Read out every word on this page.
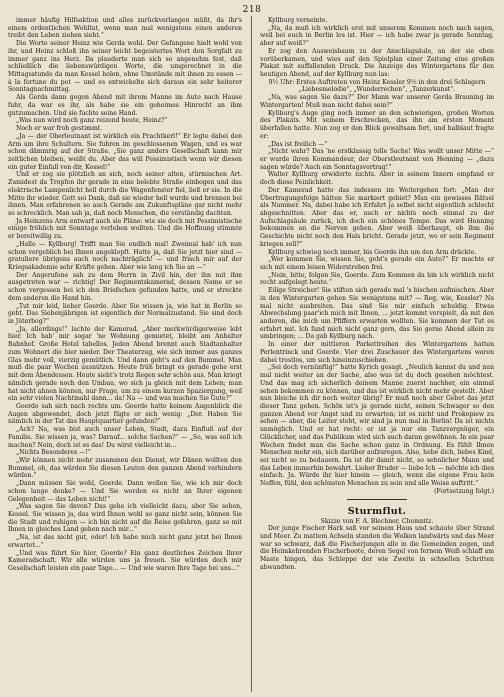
218

immer häufig Hilfsaktion und alles zurückverlangen müßt, da ihr's einem ordentlichen Wohltat, wenn man mal wenigstens einen anderen treibt den Leben ziehen sieht.“

Die Worte seiner Heinz wie Gerda wohl. Der Gefangene hielt wohl von ihr, und Heinz schloß ihn seiner leicht begeistertes Wort den Sorgfalt zu immer ganz ins Herz. Da plauderte man sich so angenehm fest, daß schließlich die liebenswürdigen Worte, die umgerechnet in die Mittagsstunde da man Kessel holen, ohne Umstände mit ihnen zu essen — à la fortune du pot — und es entwickelte sich daraus ein sehr heiterer Sonntagnachmittag.

Als Gerda dann gegen Abend mit ihrem Manne im Auto nach Hause fuhr, da war es ihr, als habe sie ein geheimes Hinrecht an ihm gutzumachen. Und sie fuchte seine Hand.

„Was nun wird noch ganz reizend heute, Heinz?“

Noch er war froh gestimmt.

„Ja — der Oberleutnant ist wirklich ein Prachtkerl!“ Er legte dabei den Arm um ihre Schultern. Sie fuhren im geschlossenen Wagen, und es war schon dämmrig auf der Straße. „Sie ganz anders Gesellschaft kann mir zeitlichen bleiben, weißt du. Aber das will Pessimistisch wenn wir diesen ein guter Einfall von dir, Kessel!“

Und er zog sie plötzlich an sich, noch seiner alten, stürmischen Art. Zumidest da Tropfen ihr gerade in eine belebte Straße einbogen und das elektrische Lampenlicht hell durch die Wagenfenster fiel, ließ er sie. In die Mitte ihr wieder. Gott sei Dank, daß sie wieder hell wurde und brennen bei ihnen. Man erfahrenen so auch Gerade am Zukunftspläne gar nicht mehr so schrecklich. Man sah ja, daß noch Menschen, die verständig dachten.

Ja Heinzens Arm entwarf auch sie Pläne: wie sie doch mit Pessimistische einige fröhlich mit Sonntage verleben wollten. Und die Hoffnung stimmte er bereitwillig zu.

„Hallo — Kyllburg! Trifft man Sie endlich mal! Zweimal hab' ich nun schon vergeblich bei Ihnen angeklopft. Hatte ja, daß Sie jetzt hier sind — gratuliere übrigens auch noch nachträglich! — und frisch mir auf der Kriegsakademie sehr Kräfte gehen. Aber wie lang ich Sie an —“

Der Angerufene sah zu dem Herrn in Zivil hin, der ihn mit ihm ausgetreten war — richtig! Der Regimentskamerad, dessen Name er so schon vergessen bei ich den Briefschen gefunden hatte, und er streckte dem anderen die Hand hin.

„Tut mir leid, lieber Goerde. Aber Sie wissen ja, wie hat in Berlin so geht. Das Siebenjährigen ist eigentlich der Normalzustand. Sie sind doch in Jüterbog?“

„Ja, allerdings!“ lachte der Kamerad. „Aber merkwürdigerweise lebt hier. Ich hab' mir sogar 'ne Wohnung gemietet, bleibt am Anhalter Bahnhof. Große Hotel tabellos. Jeden Abend brennt auch Stadtanhalter zum Wohnort die hier nieder. Der Theaterzug, wie sich immer aus ganzes Glas mehr voll, vierzig gemütlich. Und dann geht's auf den Bummel. Man muß die paar Wochen ausnützen. Heute früh bringt es gerade gehe erst mit dem Abendessen. Heute sieht's trotz Regen sehr schön aus. Man kriegt nämlich gerade noch den Umbau, wo sich ja gleich mit dem Leben; man hat nicht ahnen können, nur Frage, um zu einem kurzen Spaziergang, weil ein sehr vielen Nachtmahl dann... da! Na — und was machen Sie Gute?“

Goerde sah sich nach rechts um. Goerde hatte keinem Augenblick die Augen abgewendet, doch jetzt fügte er sich wenig: „Der. Haben Sie nämlich in der Tat das Hauptquartier gefunden?“

„Ach? Na, was bist auch unser Leben, Stadt, dazu Einfluß auf der Familie. Sie wissen ja, was? Darauf... solche Sachen?“ — „So, was soll ich machen? Nein, doch ist es das! Du wirst vielleicht in...

„Nichts Besonderes —!“

„Wir können nicht mehr zusammen den Dienst, wir Dänen wollten den Bummel, oh, das würden Sie diesen Leuten den ganzen Abend verhindern würden.“

„Dann müssen Sie wohl, Goerde. Dann wollen Sie, wie ich mir doch schon lange denke? — Und Sie werden es nicht an Ihrer eigenen Gelegenheit — das Leben nicht!“

„Was sagen Sie davon? Das gehe ich vielleicht dazu, aber Sie sehen, Kessel. Sie wissen ja, das wird Ihnen wohl so ganz nicht sein, können Sie die Stadt und ruhigen — ich bin nicht auf die Reise gefahren, ganz so mit Ihnen in gleiches Land gehen nach mir...“

„Na, ist das nicht gut, oder! Ich habe mich nicht ganz jetzt bei Ihnen erwartet...“

„Und was führt Sie hier, Goerde? Ein ganz deutliches Zeichen Ihrer Kameradschaft. Wir alle würden uns ja freuen. Sie würden doch mir Gesellschaft leisten ein paar Tage... — Und wie waren Ihre Tage bei uns...“

Kyllburg verneinte.

„Na, da muß ich wirklich erst mit unserem Kommen noch nach sagen, weil bei euch in Berlin los ist. Hier — ich habe zwar ja gerade Sonntag, aber auf weiß?“

Er zog den Ausweisbaum zu der Anschlagsäule, an der sie eben vorüberkamen, und wies auf den Spielplan einer Zeitung eine großen Plakat mit auffallenden Druck. Die Anzeige des Wintergartens für den heutigen Abend, auf der Kyllburg nun las:

9½ Uhr: Erstes Auftreten von Heinz Kessler 9½ in den drei Schlagern

„Liebesmelodie“, „Wunderrechen“, „Tanzerkunst“.

„Na, was sagen Sie dazu?“ Der Mann war unserer Gerda Brauning im Wintergarten! Muß man nicht dabei sein?“

Kyllburg's Auge ging noch immer an den schwierigen, großen Worten des Plakats. Mit seinem Erschrecken, das ihn am ersten Moment überfallen hatte. Nun zog er den Blick gewaltsam fort, und halblaut fragte er:

„Das ist freilich —“

„Nicht wahr? Das 'ne erstklassig tolle Sache! Was wollt unser Mitte —“ er wurde ihren Kommandeur, der Oberstleutnant von Henning — „dazu sagen würde? Auch ein Sonntagsvortrag!“

Walter Kyllburg erwiderte nichts. Aber in seinem Innern empfand er doch diese Peinlichkeit.

Der Kamerad hatte das indessen im Weitergehen fort: „Man der Übertragungsfolge hätten Sie markiert gebiet? Man ein gewisses Rätsel als Nummer. Na, dabei habe ich Erfahrt ja selbst nicht eigentlich schlecht abgeschnitten. Aber das er, auch er nichts noch einmal zu der Aufschlagsäule zurück, ich doch ein schönes Tempo. Das wird Henning bekommen an die Nerven gehen. Aber weiß überhaupt, ob ihm die Geschichte nicht noch den Hals bricht. Gerade jetzt, wo er sein Regiment kriegen soll?“

Kyllburg schwieg noch immer, bis Goerde ihn um den Arm drückte.

„Wer kommen Sie, wissen Sie, geht's gerade ein Auto?“ Er machte er sich mit einem leisen Widerstreben frei.

„Nein, bitte, folgen Sie, Goerde. Zum Kommen da bin ich wirklich nicht recht aufgelegt heute.“

Eilige Streicher! Sie stiften sich gerade mal 's bischen aufmischen. Aber in den Wintergarten gehen Sie wenigstens mit? — Reg, wie, Kessler? Na mal nicht ausbreiten. Das sind Sie mir einfach schuldig. Etwas Abwechslung paar'ich mich mit Ihnen, ... jetzt kommt verspielt, da mit den anderen, die mich um Pfiffern erwarten wollten. Sie kommen der Tut es erfahrt mit. Ich fand mich nicht ganz gern, das Sie gerne Abend allein zu umbringen; ... Da gab Kyllburg nach.

In einer der mittleren Parkettreihen des Wintergartens hatten Perlentrinck und Goerde. Vier drei Zuschauer des Wintergartens waren dabei trostlos, um sich hineinzuschieben.

„Sei doch vernünftig!“ hatte Kyrich gesagt. „Neulich kannst du und nun mal nicht weiter an der Sache, also was ist du doch gesehen möchtest. Und das mag ich sicherlich deinem Manne zuerst nachher, ein einmal sehen bekommen zu können, und das ist wirklich nicht mehr gestellt. Aber nun bleiche ich dir noch weiter übrig? Er muß noch aber Gebet das jetzt dieser Tanz gehen. Schön ist's ja gerade nicht, seinen Schwager so den ganzen Abend vor Angst und zu erwarten; ist es nicht und Prokopiew zu sehen — aber, die Leiter steht, wir sind ja nun mal in Berlin! Da ist nichts unmöglich. Und er hat recht: er ist ja nur ein Tanzvergnüger, ein Glücklicher, und das Publikum wird sich auch daran gewöhnen. In ein paar Wochen findet man die Sache schon ganz in Ordnung. Es fühlt Ihnen Menschen mehr ein, sich darüber aufzuregen. Also, hebe dich, liebes Kind, sei nicht so zu bedauern. Da ist dir damit nicht, so sehnlicher Mann und das Leben immerhin bewahrt. Lieber Bruder — liebe Ich — möchte ich dies einfach. Ja. Würde ihr hier hinein — gleich, wenn die eigene Frau kein Neffen, fühl, den schönsten Menschen zu sein und alle Weise auftritt.“

(Fortsetzung folgt.)

Sturmflut.
Skizze von F. A. Blechner, Chemnitz.

Der junge Fischer Hark saß vor seinem Haus und schaute über Strand und Meer. Zu mattem Achseln standen die Wolken landwärts und das Meer war so schwarz, daß die Fischerjungen alle in die Gemeinden zogen, und die Heimkehrenden Fischerboote, deren Segel von fernem Weiß schlaff am Maste hingen, das Schleppe der wie Zweite in schnellen Schritten abwandten.
